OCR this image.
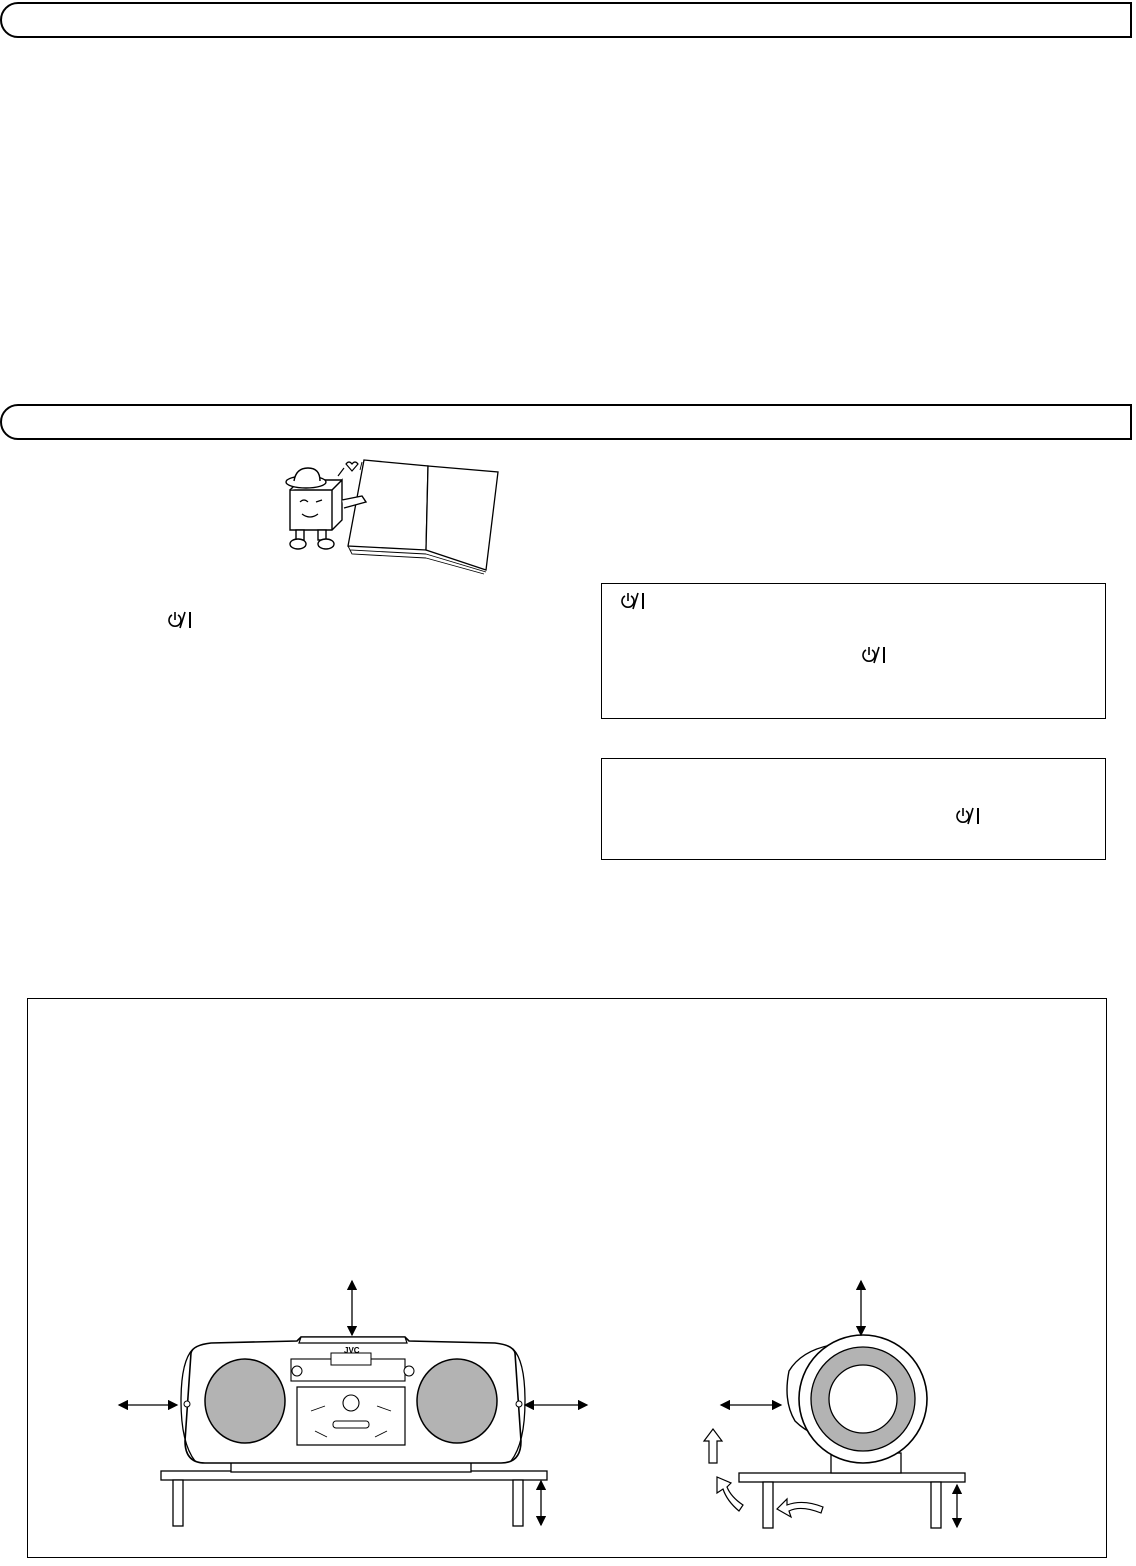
JVC
